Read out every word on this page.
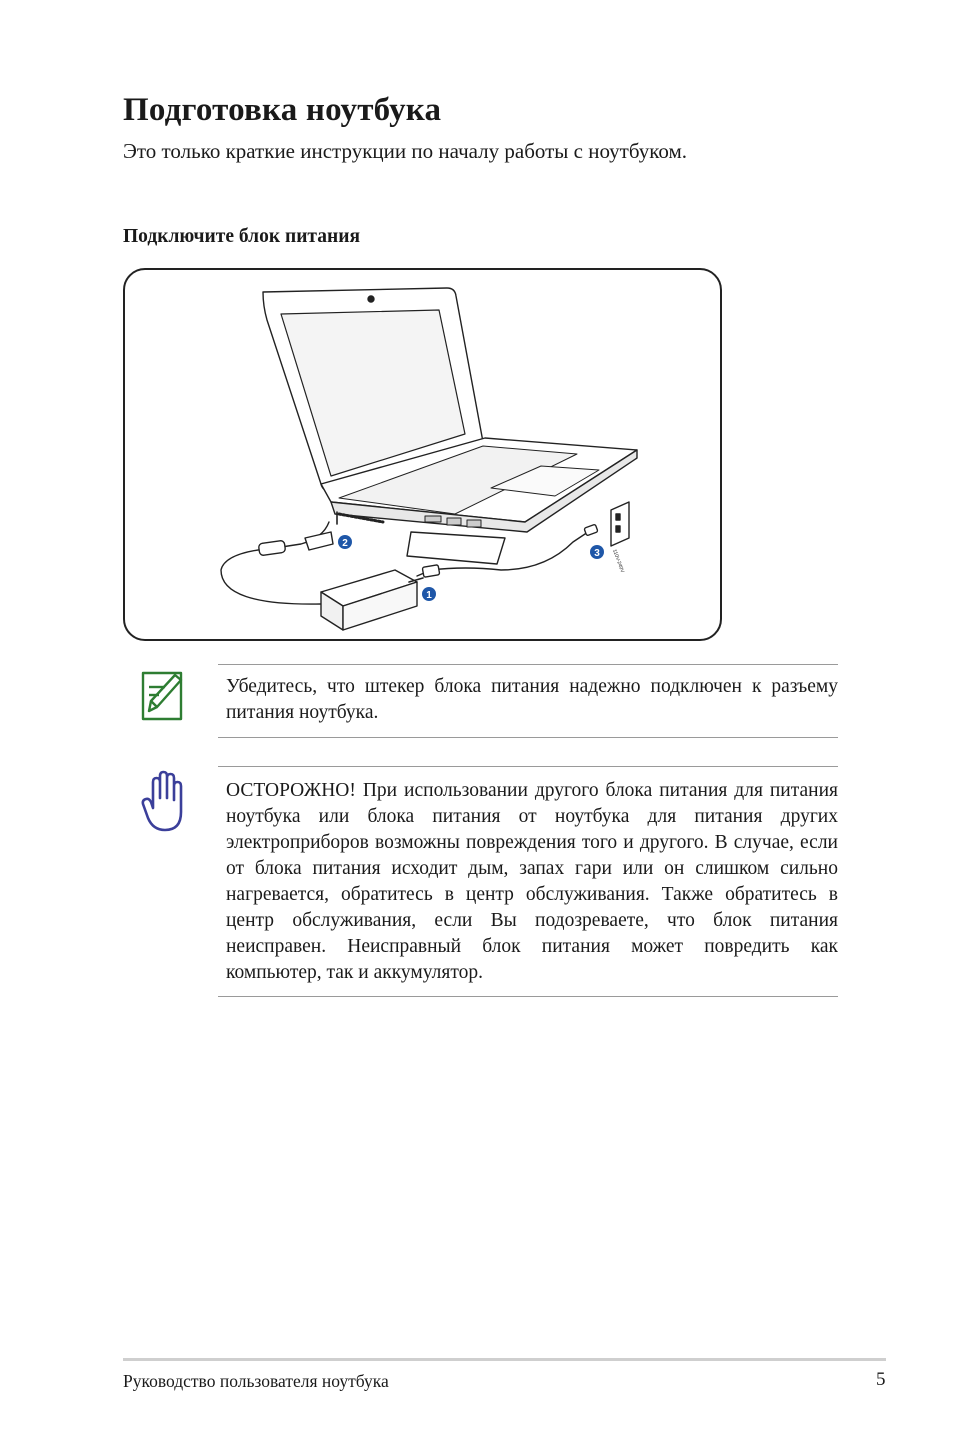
Подготовка ноутбука

Это только краткие инструкции по началу работы с ноутбуком.

Подключите блок питания
110V-240V
1
2
3

Убедитесь, что штекер блока питания надежно подключен к разъему питания ноутбука.

ОСТОРОЖНО! При использовании другого блока питания для питания ноутбука или блока питания от ноутбука для питания других электроприборов возможны повреждения того и другого. В случае, если от блока питания исходит дым, запах гари или он слишком сильно нагревается, обратитесь в центр обслуживания. Также обратитесь в центр обслуживания, если Вы подозреваете, что блок питания неисправен. Неисправный блок питания может повредить как компьютер, так и аккумулятор.

Руководство пользователя ноутбука	5
